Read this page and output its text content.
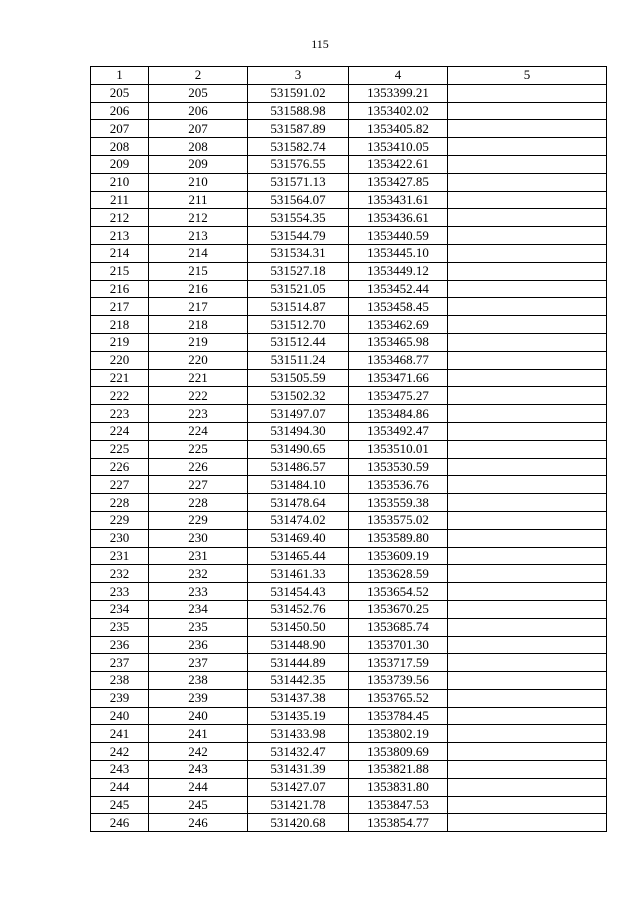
115
1	2	3	4	5
205	205	531591.02	1353399.21	
206	206	531588.98	1353402.02	
207	207	531587.89	1353405.82	
208	208	531582.74	1353410.05	
209	209	531576.55	1353422.61	
210	210	531571.13	1353427.85	
211	211	531564.07	1353431.61	
212	212	531554.35	1353436.61	
213	213	531544.79	1353440.59	
214	214	531534.31	1353445.10	
215	215	531527.18	1353449.12	
216	216	531521.05	1353452.44	
217	217	531514.87	1353458.45	
218	218	531512.70	1353462.69	
219	219	531512.44	1353465.98	
220	220	531511.24	1353468.77	
221	221	531505.59	1353471.66	
222	222	531502.32	1353475.27	
223	223	531497.07	1353484.86	
224	224	531494.30	1353492.47	
225	225	531490.65	1353510.01	
226	226	531486.57	1353530.59	
227	227	531484.10	1353536.76	
228	228	531478.64	1353559.38	
229	229	531474.02	1353575.02	
230	230	531469.40	1353589.80	
231	231	531465.44	1353609.19	
232	232	531461.33	1353628.59	
233	233	531454.43	1353654.52	
234	234	531452.76	1353670.25	
235	235	531450.50	1353685.74	
236	236	531448.90	1353701.30	
237	237	531444.89	1353717.59	
238	238	531442.35	1353739.56	
239	239	531437.38	1353765.52	
240	240	531435.19	1353784.45	
241	241	531433.98	1353802.19	
242	242	531432.47	1353809.69	
243	243	531431.39	1353821.88	
244	244	531427.07	1353831.80	
245	245	531421.78	1353847.53	
246	246	531420.68	1353854.77	
